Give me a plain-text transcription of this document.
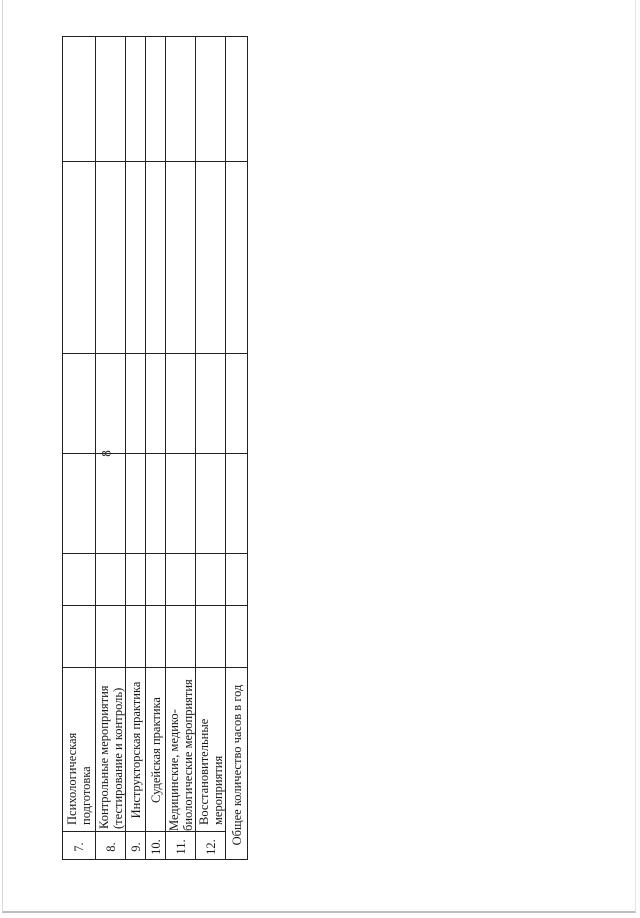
8
Психологическая подготовка
7.
Контрольные мероприятия (тестирование и контроль)
8.
Инструкторская практика
9.
Судейская практика
10.
Медицинские, медико-биологические мероприятия
11.
Восстановительные мероприятия
12.
Общее количество часов в год
